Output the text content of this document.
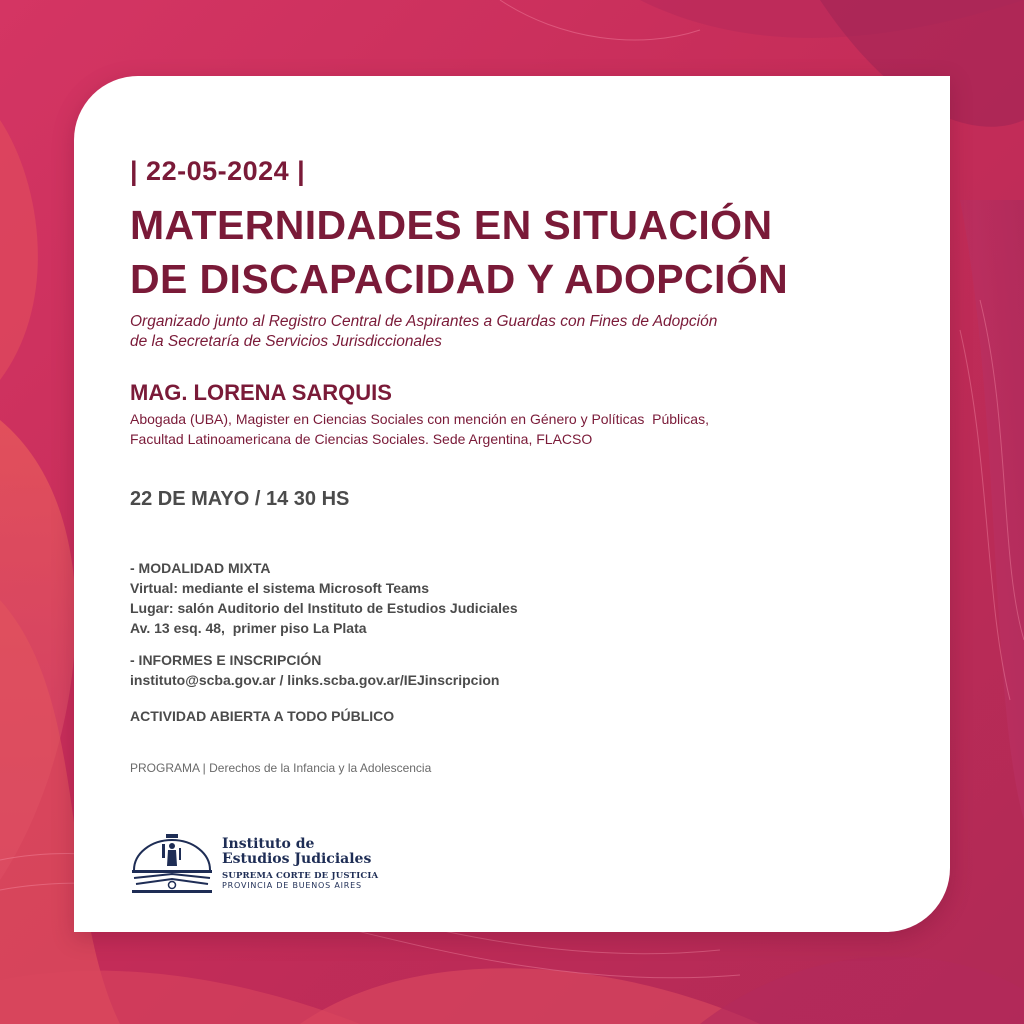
| 22-05-2024 |
MATERNIDADES EN SITUACIÓN
DE DISCAPACIDAD Y ADOPCIÓN
Organizado junto al Registro Central de Aspirantes a Guardas con Fines de Adopción
de la Secretaría de Servicios Jurisdiccionales
MAG. LORENA SARQUIS
Abogada (UBA), Magister en Ciencias Sociales con mención en Género y Políticas  Públicas,
Facultad Latinoamericana de Ciencias Sociales. Sede Argentina, FLACSO
22 DE MAYO / 14 30 HS
- MODALIDAD MIXTA
Virtual: mediante el sistema Microsoft Teams
Lugar: salón Auditorio del Instituto de Estudios Judiciales
Av. 13 esq. 48,  primer piso La Plata
- INFORMES E INSCRIPCIÓN
instituto@scba.gov.ar / links.scba.gov.ar/IEJinscripcion
ACTIVIDAD ABIERTA A TODO PÚBLICO
PROGRAMA | Derechos de la Infancia y la Adolescencia
Instituto de
Estudios Judiciales
SUPREMA CORTE DE JUSTICIA
PROVINCIA DE BUENOS AIRES
